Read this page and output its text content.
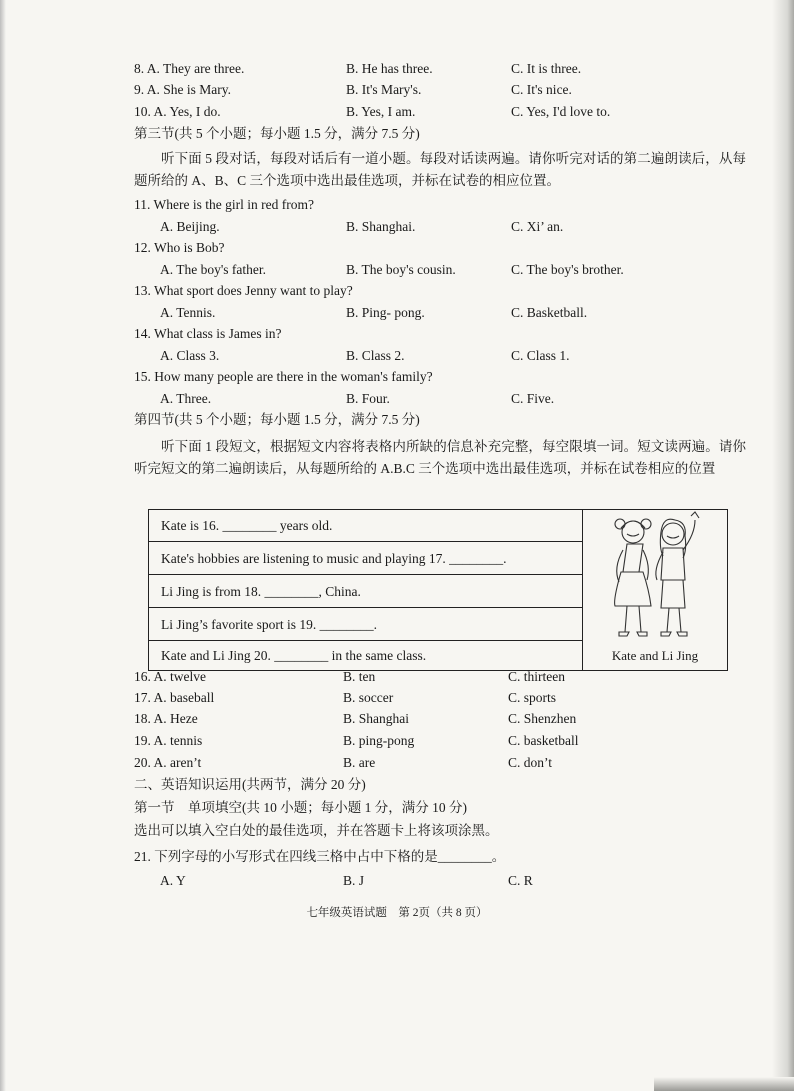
8. A. They are three.	B. He has three.	C. It is three.
9. A. She is Mary.	B. It's Mary's.	C. It's nice.
10. A. Yes, I do.	B. Yes, I am.	C. Yes, I'd love to.
第三节(共 5 个小题；每小题 1.5 分，满分 7.5 分)
听下面 5 段对话，每段对话后有一道小题。每段对话读两遍。请你听完对话的第二遍朗读后，从每题所给的 A、B、C 三个选项中选出最佳选项，并标在试卷的相应位置。
11. Where is the girl in red from?
A. Beijing.	B. Shanghai.	C. Xi’ an.
12. Who is Bob?
A. The boy's father.	B. The boy's cousin.	C. The boy's brother.
13. What sport does Jenny want to play?
A. Tennis.	B. Ping- pong.	C. Basketball.
14. What class is James in?
A. Class 3.	B. Class 2.	C. Class 1.
15. How many people are there in the woman's family?
A. Three.	B. Four.	C. Five.
第四节(共 5 个小题；每小题 1.5 分，满分 7.5 分)
听下面 1 段短文，根据短文内容将表格内所缺的信息补充完整，每空限填一词。短文读两遍。请你听完短文的第二遍朗读后，从每题所给的 A.B.C 三个选项中选出最佳选项，并标在试卷相应的位置
Kate is 16. ________ years old.
Kate's hobbies are listening to music and playing 17. ________.
Li Jing is from 18. ________, China.
Li Jing’s favorite sport is 19. ________.
Kate and Li Jing 20. ________ in the same class.	Kate and Li Jing
16. A. twelve	B. ten	C. thirteen
17. A. baseball	B. soccer	C. sports
18. A. Heze	B. Shanghai	C. Shenzhen
19. A. tennis	B. ping-pong	C. basketball
20. A. aren’t	B. are	C. don’t
二、英语知识运用(共两节，满分 20 分)
第一节　单项填空(共 10 小题；每小题 1 分，满分 10 分)
选出可以填入空白处的最佳选项，并在答题卡上将该项涂黑。
21. 下列字母的小写形式在四线三格中占中下格的是________。
A. Y	B. J	C. R
七年级英语试题　第 2页（共 8 页）
